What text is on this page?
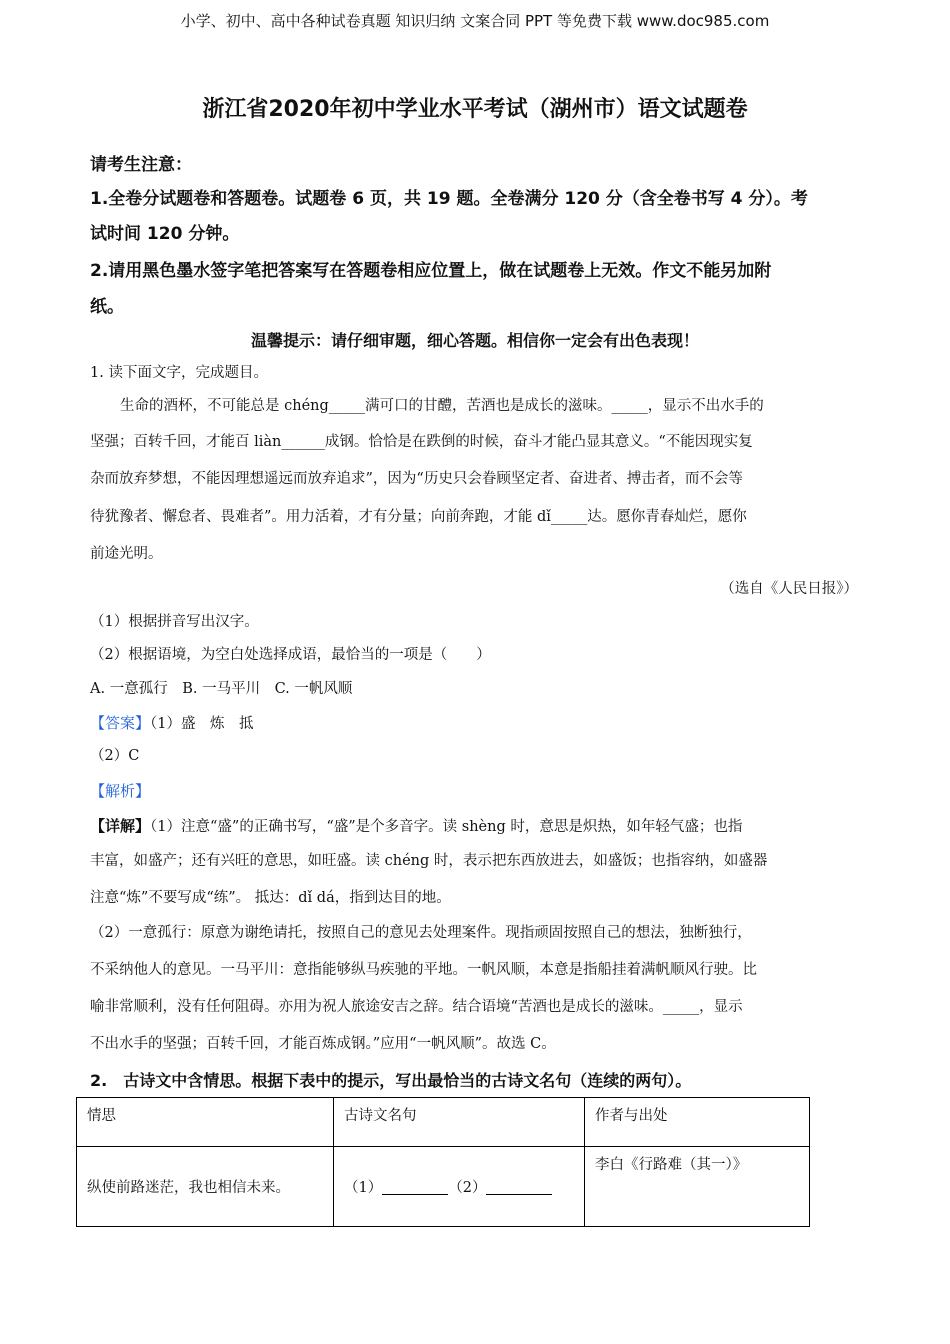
小学、初中、高中各种试卷真题 知识归纳 文案合同 PPT 等免费下载 www.doc985.com
浙江省2020年初中学业水平考试（湖州市）语文试题卷
请考生注意：
1.全卷分试题卷和答题卷。试题卷 6 页，共 19 题。全卷满分 120 分（含全卷书写 4 分）。考
试时间 120 分钟。
2.请用黑色墨水签字笔把答案写在答题卷相应位置上，做在试题卷上无效。作文不能另加附
纸。
温馨提示：请仔细审题，细心答题。相信你一定会有出色表现！
1. 读下面文字，完成题目。
生命的酒杯，不可能总是 chéng_____满可口的甘醴，苦酒也是成长的滋味。_____，显示不出水手的
坚强；百转千回，才能百 liàn______成钢。恰恰是在跌倒的时候，奋斗才能凸显其意义。“不能因现实复
杂而放弃梦想，不能因理想遥远而放弃追求”，因为“历史只会眷顾坚定者、奋进者、搏击者，而不会等
待犹豫者、懈怠者、畏难者”。用力活着，才有分量；向前奔跑，才能 dǐ_____达。愿你青春灿烂，愿你
前途光明。
（选自《人民日报》）
（1）根据拼音写出汉字。
（2）根据语境，为空白处选择成语，最恰当的一项是（　　）
A. 一意孤行　B. 一马平川　C. 一帆风顺
【答案】（1）盛　炼　抵
（2）C
【解析】
【详解】（1）注意“盛”的正确书写，“盛”是个多音字。读 shèng 时，意思是炽热，如年轻气盛；也指
丰富，如盛产；还有兴旺的意思，如旺盛。读 chéng 时，表示把东西放进去，如盛饭；也指容纳，如盛器
注意“炼”不要写成“练”。 抵达：dǐ dá，指到达目的地。
（2）一意孤行：原意为谢绝请托，按照自己的意见去处理案件。现指顽固按照自己的想法，独断独行，
不采纳他人的意见。一马平川：意指能够纵马疾驰的平地。一帆风顺，本意是指船挂着满帆顺风行驶。比
喻非常顺利，没有任何阻碍。亦用为祝人旅途安吉之辞。结合语境“苦酒也是成长的滋味。_____，显示
不出水手的坚强；百转千回，才能百炼成钢。”应用“一帆风顺”。故选 C。
2.　古诗文中含情思。根据下表中的提示，写出最恰当的古诗文名句（连续的两句）。
情思	古诗文名句	作者与出处
纵使前路迷茫，我也相信未来。	（1） （2）	李白《行路难（其一）》
